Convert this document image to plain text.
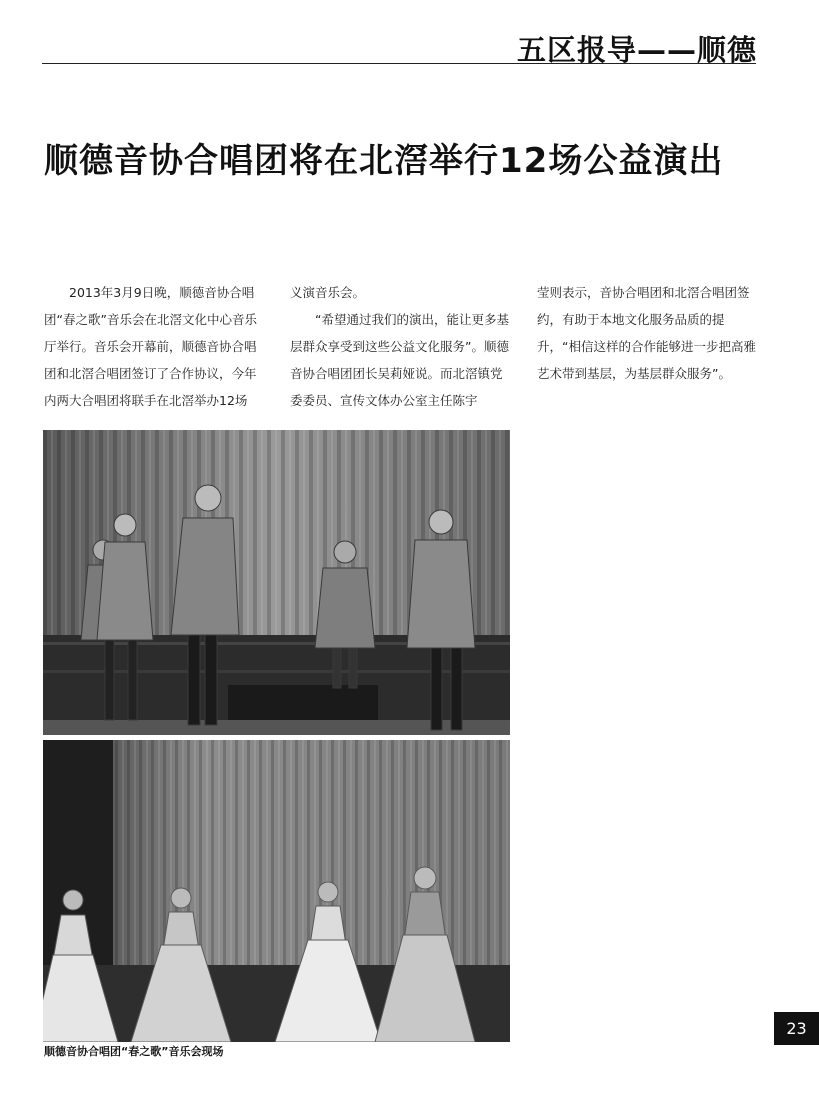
五区报导——顺德
顺德音协合唱团将在北滘举行12场公益演出

2013年3月9日晚，顺德音协合唱团“春之歌”音乐会在北滘文化中心音乐厅举行。音乐会开幕前，顺德音协合唱团和北滘合唱团签订了合作协议，今年内两大合唱团将联手在北滘举办12场

义演音乐会。

“希望通过我们的演出，能让更多基层群众享受到这些公益文化服务”。顺德音协合唱团团长吴莉娅说。而北滘镇党委委员、宣传文体办公室主任陈宇

莹则表示，音协合唱团和北滘合唱团签约，有助于本地文化服务品质的提升，“相信这样的合作能够进一步把高雅艺术带到基层，为基层群众服务”。

顺德音协合唱团“春之歌”音乐会现场
23
